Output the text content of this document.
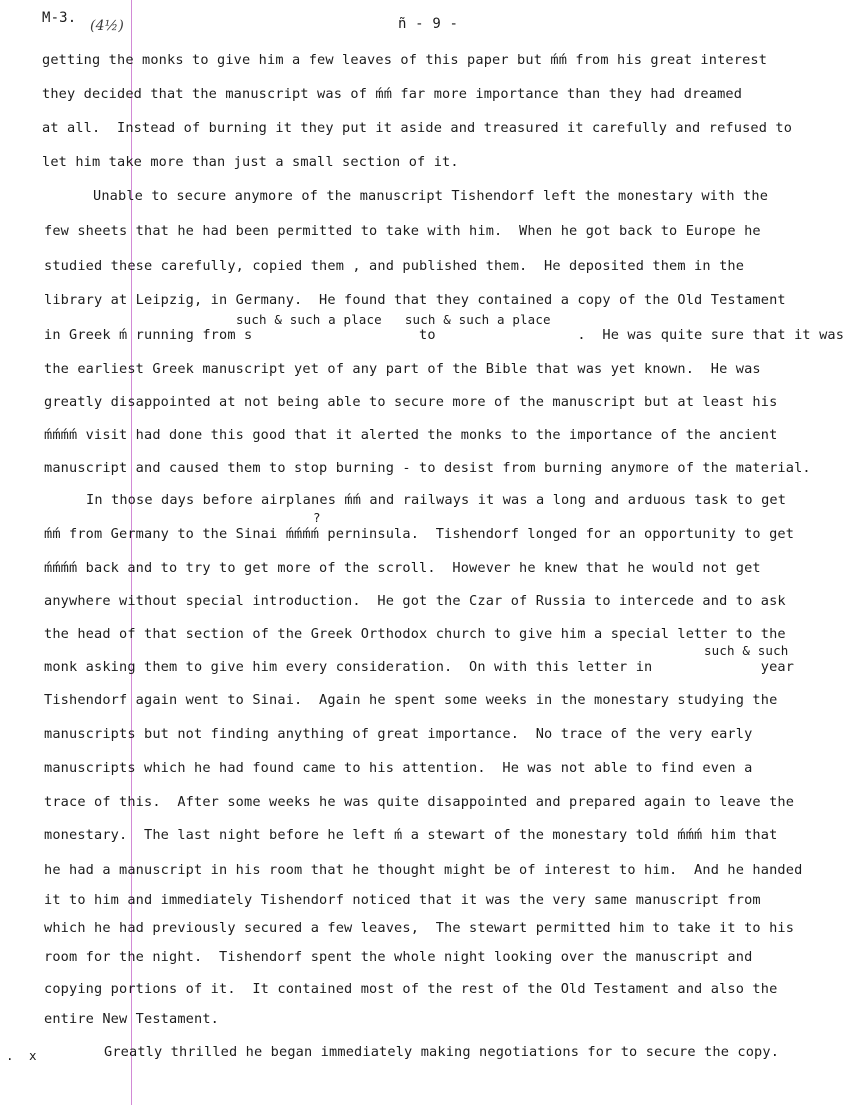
M-3. (4½)	ñ - 9 -
getting the monks to give him a few leaves of this paper but ḿḿ from his great interest
they decided that the manuscript was of ḿḿ far more importance than they had dreamed
at all.  Instead of burning it they put it aside and treasured it carefully and refused to
let him take more than just a small section of it.
Unable to secure anymore of the manuscript Tishendorf left the monestary with the
few sheets that he had been permitted to take with him.  When he got back to Europe he
studied these carefully, copied them , and published them.  He deposited them in the
library at Leipzig, in Germany.  He found that they contained a copy of the Old Testament
such & such a place   such & such a place
in Greek ḿ running from s                    to                 .  He was quite sure that it was
the earliest Greek manuscript yet of any part of the Bible that was yet known.  He was
greatly disappointed at not being able to secure more of the manuscript but at least his
ḿḿḿḿ visit had done this good that it alerted the monks to the importance of the ancient
manuscript and caused them to stop burning - to desist from burning anymore of the material.
In those days before airplanes ḿḿ and railways it was a long and arduous task to get
?
ḿḿ from Germany to the Sinai ḿḿḿḿ perninsula.  Tishendorf longed for an opportunity to get
ḿḿḿḿ back and to try to get more of the scroll.  However he knew that he would not get
anywhere without special introduction.  He got the Czar of Russia to intercede and to ask
the head of that section of the Greek Orthodox church to give him a special letter to the
such & such
monk asking them to give him every consideration.  On with this letter in             year
Tishendorf again went to Sinai.  Again he spent some weeks in the monestary studying the
manuscripts but not finding anything of great importance.  No trace of the very early
manuscripts which he had found came to his attention.  He was not able to find even a
trace of this.  After some weeks he was quite disappointed and prepared again to leave the
monestary.  The last night before he left ḿ a stewart of the monestary told ḿḿḿ him that
he had a manuscript in his room that he thought might be of interest to him.  And he handed
it to him and immediately Tishendorf noticed that it was the very same manuscript from
which he had previously secured a few leaves,  The stewart permitted him to take it to his
room for the night.  Tishendorf spent the whole night looking over the manuscript and
copying portions of it.  It contained most of the rest of the Old Testament and also the
entire New Testament.
.  x	Greatly thrilled he began immediately making negotiations for to secure the copy.
